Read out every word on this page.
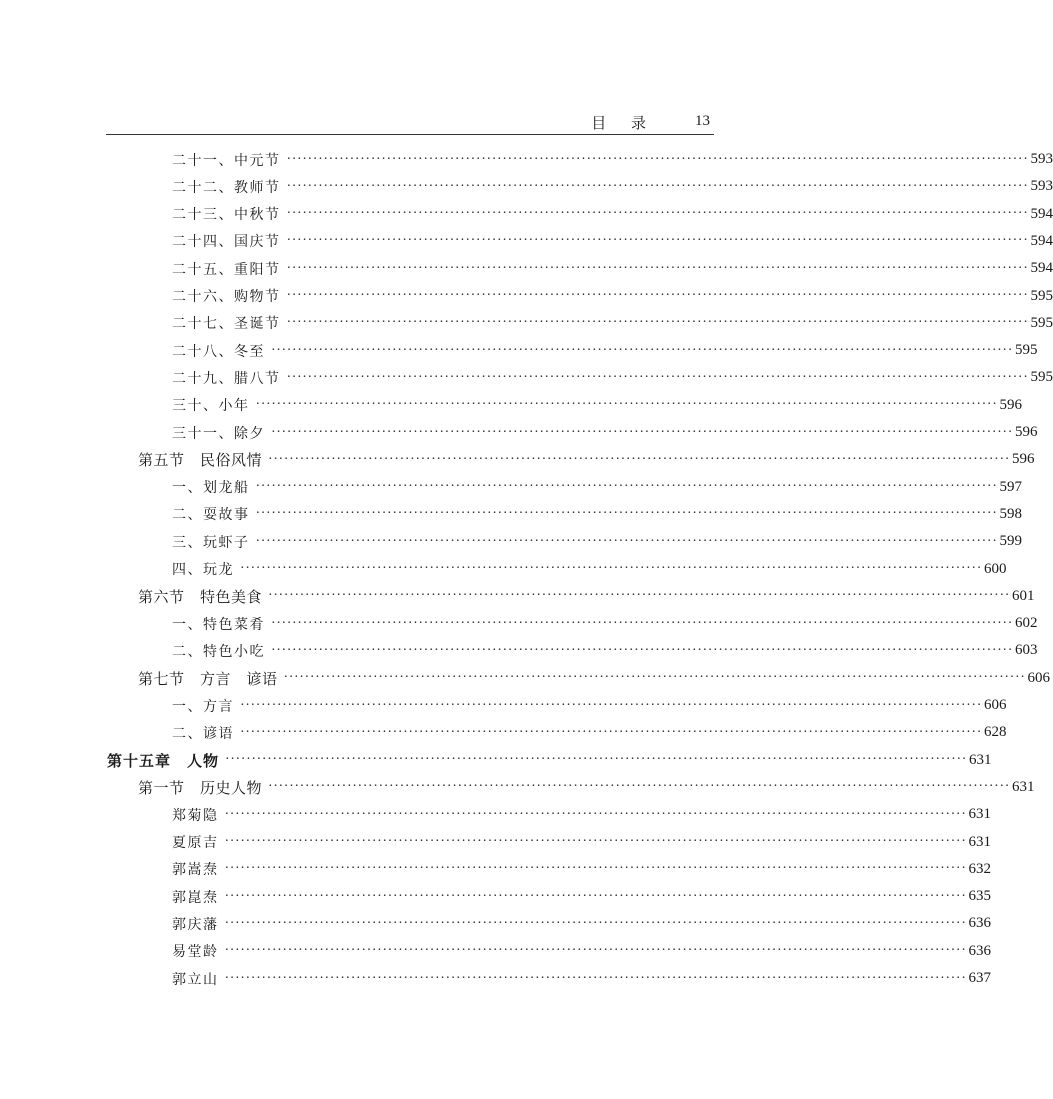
目 录	13
二十一、中元节 ············································································································································· 593
二十二、教师节 ············································································································································· 593
二十三、中秋节 ············································································································································· 594
二十四、国庆节 ············································································································································· 594
二十五、重阳节 ············································································································································· 594
二十六、购物节 ············································································································································· 595
二十七、圣诞节 ············································································································································· 595
二十八、冬至 ············································································································································· 595
二十九、腊八节 ············································································································································· 595
三十、小年 ············································································································································· 596
三十一、除夕 ············································································································································· 596
第五节　民俗风情 ············································································································································· 596
一、划龙船 ············································································································································· 597
二、耍故事 ············································································································································· 598
三、玩虾子 ············································································································································· 599
四、玩龙 ············································································································································· 600
第六节　特色美食 ············································································································································· 601
一、特色菜肴 ············································································································································· 602
二、特色小吃 ············································································································································· 603
第七节　方言　谚语 ············································································································································· 606
一、方言 ············································································································································· 606
二、谚语 ············································································································································· 628
第十五章　人物 ············································································································································· 631
第一节　历史人物 ············································································································································· 631
郑菊隐 ············································································································································· 631
夏原吉 ············································································································································· 631
郭嵩焘 ············································································································································· 632
郭崑焘 ············································································································································· 635
郭庆藩 ············································································································································· 636
易堂龄 ············································································································································· 636
郭立山 ············································································································································· 637
